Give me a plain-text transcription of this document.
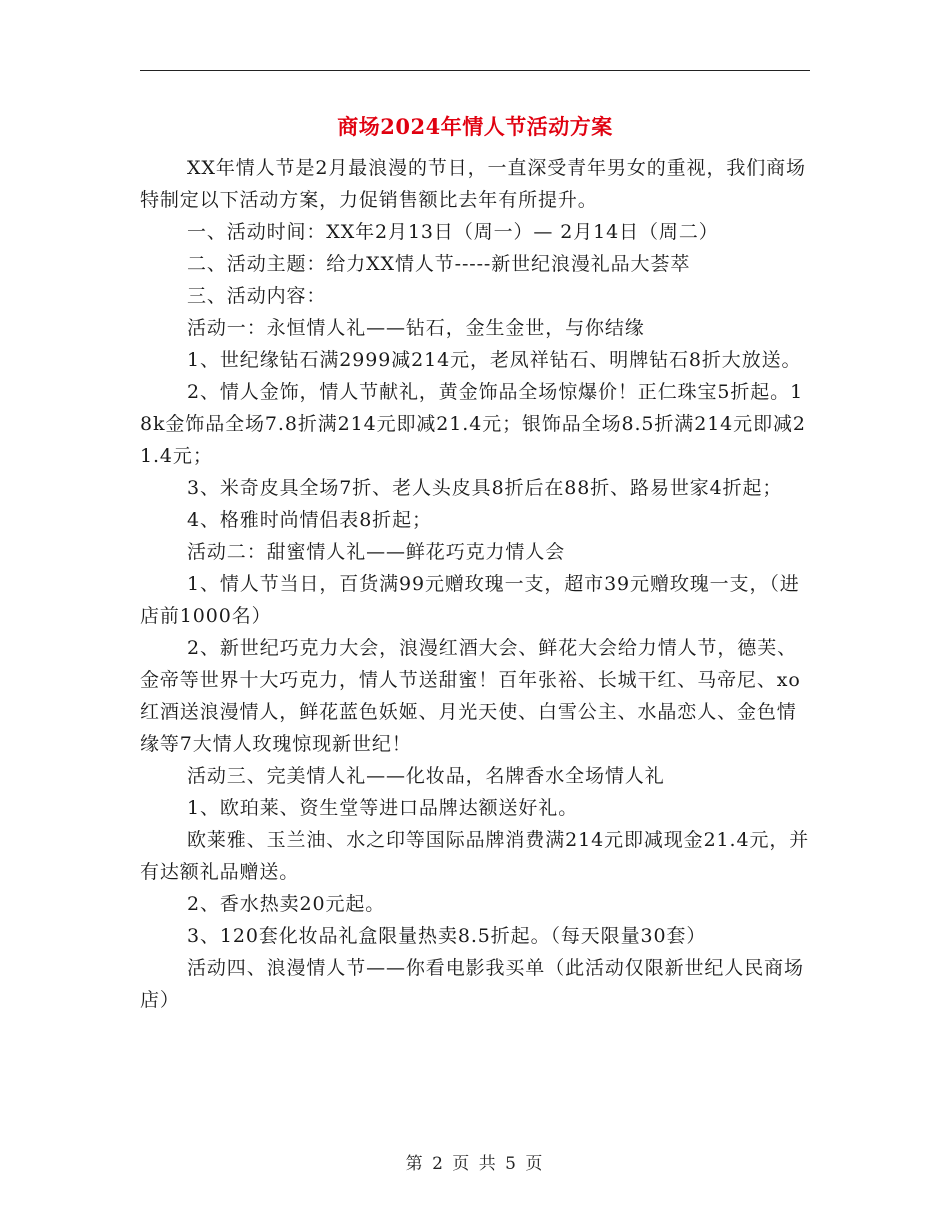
商场2024年情人节活动方案

XX年情人节是2月最浪漫的节日，一直深受青年男女的重视，我们商场特制定以下活动方案，力促销售额比去年有所提升。

一、活动时间：XX年2月13日（周一）— 2月14日（周二）

二、活动主题：给力XX情人节-----新世纪浪漫礼品大荟萃

三、活动内容：

活动一：永恒情人礼——钻石，金生金世，与你结缘

1、世纪缘钻石满2999减214元，老凤祥钻石、明牌钻石8折大放送。

2、情人金饰，情人节献礼，黄金饰品全场惊爆价！正仁珠宝5折起。18k金饰品全场7.8折满214元即减21.4元；银饰品全场8.5折满214元即减21.4元；

3、米奇皮具全场7折、老人头皮具8折后在88折、路易世家4折起；

4、格雅时尚情侣表8折起；

活动二：甜蜜情人礼——鲜花巧克力情人会

1、情人节当日，百货满99元赠玫瑰一支，超市39元赠玫瑰一支，（进店前1000名）

2、新世纪巧克力大会，浪漫红酒大会、鲜花大会给力情人节，德芙、金帝等世界十大巧克力，情人节送甜蜜！百年张裕、长城干红、马帝尼、xo红酒送浪漫情人，鲜花蓝色妖姬、月光天使、白雪公主、水晶恋人、金色情缘等7大情人玫瑰惊现新世纪！

活动三、完美情人礼——化妆品，名牌香水全场情人礼

1、欧珀莱、资生堂等进口品牌达额送好礼。

欧莱雅、玉兰油、水之印等国际品牌消费满214元即减现金21.4元，并有达额礼品赠送。

2、香水热卖20元起。

3、120套化妆品礼盒限量热卖8.5折起。（每天限量30套）

活动四、浪漫情人节——你看电影我买单（此活动仅限新世纪人民商场店）

第 2 页 共 5 页
